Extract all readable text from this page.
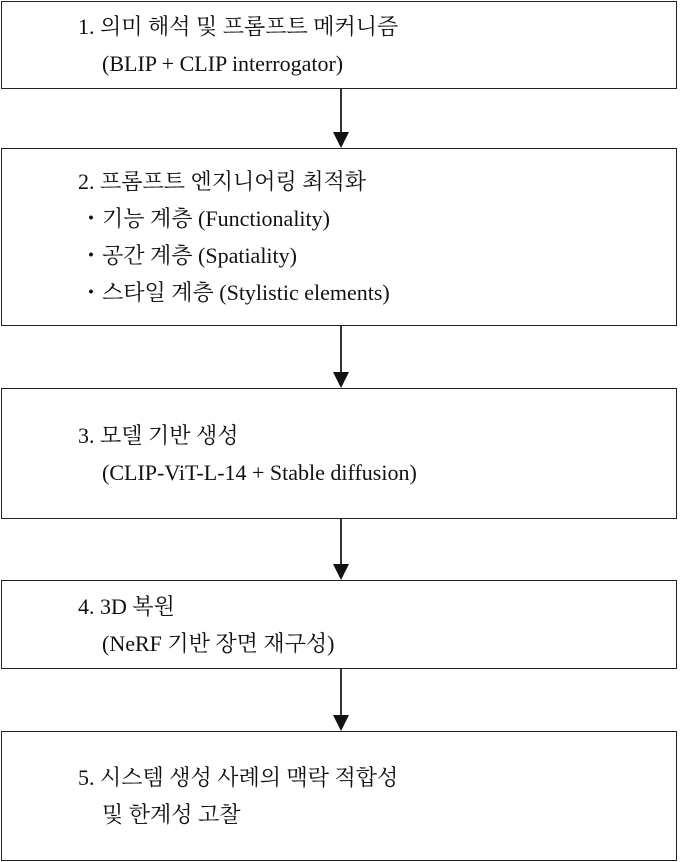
1. 의미 해석 및 프롬프트 메커니즘
(BLIP + CLIP interrogator)
2. 프롬프트 엔지니어링 최적화
・기능 계층 (Functionality)
・공간 계층 (Spatiality)
・스타일 계층 (Stylistic elements)
3. 모델 기반 생성
(CLIP-ViT-L-14 + Stable diffusion)
4. 3D 복원
(NeRF 기반 장면 재구성)
5. 시스템 생성 사례의 맥락 적합성
및 한계성 고찰
